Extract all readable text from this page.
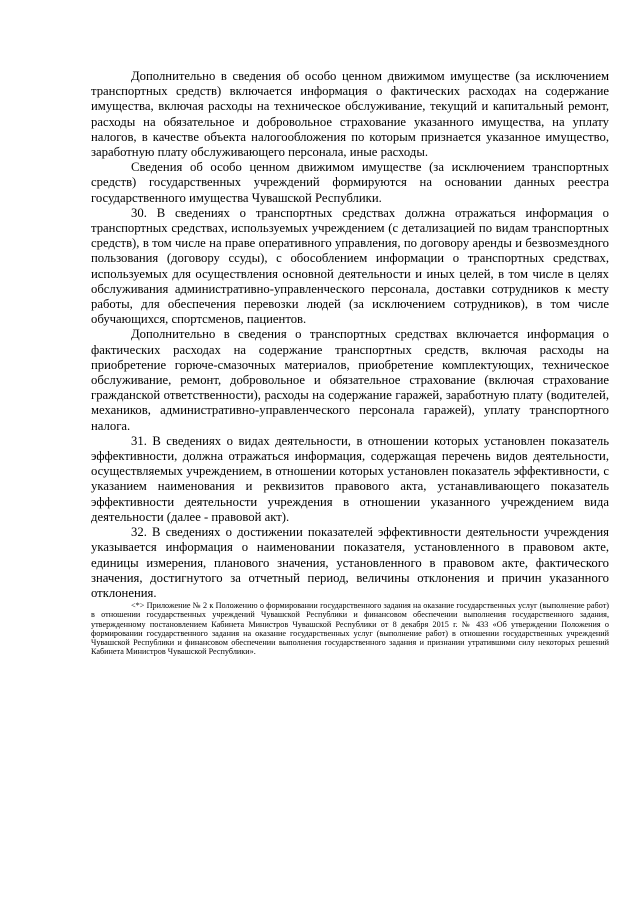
Дополнительно в сведения об особо ценном движимом имуществе (за исключением транспортных средств) включается информация о фактических расходах на содержание имущества, включая расходы на техническое обслуживание, текущий и капитальный ремонт, расходы на обязательное и добровольное страхование указанного имущества, на уплату налогов, в качестве объекта налогообложения по которым признается указанное имущество, заработную плату обслуживающего персонала, иные расходы.

Сведения об особо ценном движимом имуществе (за исключением транспортных средств) государственных учреждений формируются на основании данных реестра государственного имущества Чувашской Республики.

30. В сведениях о транспортных средствах должна отражаться информация о транспортных средствах, используемых учреждением (с детализацией по видам транспортных средств), в том числе на праве оперативного управления, по договору аренды и безвозмездного пользования (договору ссуды), с обособлением информации о транспортных средствах, используемых для осуществления основной деятельности и иных целей, в том числе в целях обслуживания административно-управленческого персонала, доставки сотрудников к месту работы, для обеспечения перевозки людей (за исключением сотрудников), в том числе обучающихся, спортсменов, пациентов.

Дополнительно в сведения о транспортных средствах включается информация о фактических расходах на содержание транспортных средств, включая расходы на приобретение горюче-смазочных материалов, приобретение комплектующих, техническое обслуживание, ремонт, добровольное и обязательное страхование (включая страхование гражданской ответственности), расходы на содержание гаражей, заработную плату (водителей, механиков, административно-управленческого персонала гаражей), уплату транспортного налога.

31. В сведениях о видах деятельности, в отношении которых установлен показатель эффективности, должна отражаться информация, содержащая перечень видов деятельности, осуществляемых учреждением, в отношении которых установлен показатель эффективности, с указанием наименования и реквизитов правового акта, устанавливающего показатель эффективности деятельности учреждения в отношении указанного учреждением вида деятельности (далее - правовой акт).

32. В сведениях о достижении показателей эффективности деятельности учреждения указывается информация о наименовании показателя, установленного в правовом акте, единицы измерения, планового значения, установленного в правовом акте, фактического значения, достигнутого за отчетный период, величины отклонения и причин указанного отклонения.

<*> Приложение № 2 к Положению о формировании государственного задания на оказание государственных услуг (выполнение работ) в отношении государственных учреждений Чувашской Республики и финансовом обеспечении выполнения государственного задания, утвержденному постановлением Кабинета Министров Чувашской Республики от 8 декабря 2015 г. № 433 «Об утверждении Положения о формировании государственного задания на оказание государственных услуг (выполнение работ) в отношении государственных учреждений Чувашской Республики и финансовом обеспечении выполнения государственного задания и признании утратившими силу некоторых решений Кабинета Министров Чувашской Республики».
